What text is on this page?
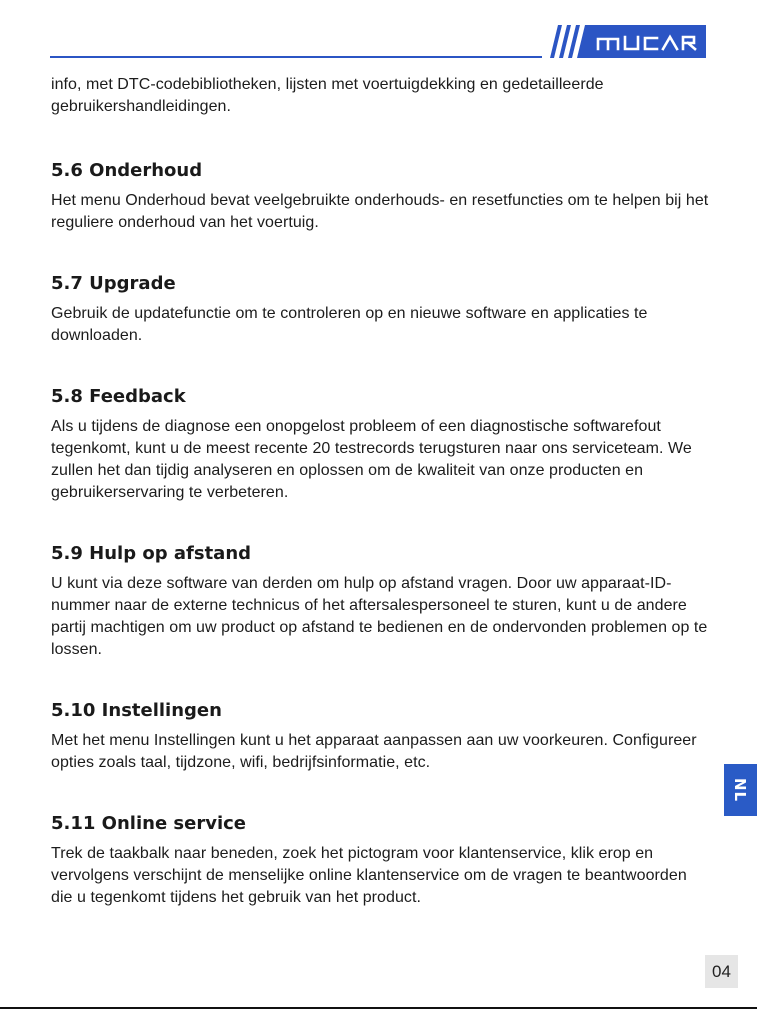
info, met DTC-codebibliotheken, lijsten met voertuigdekking en gedetailleerde gebruikershandleidingen.

5.6 Onderhoud

Het menu Onderhoud bevat veelgebruikte onderhouds- en resetfuncties om te helpen bij het reguliere onderhoud van het voertuig.

5.7 Upgrade

Gebruik de updatefunctie om te controleren op en nieuwe software en applicaties te downloaden.

5.8 Feedback

Als u tijdens de diagnose een onopgelost probleem of een diagnostische softwarefout tegenkomt, kunt u de meest recente 20 testrecords terugsturen naar ons serviceteam. We zullen het dan tijdig analyseren en oplossen om de kwaliteit van onze producten en gebruikerservaring te verbeteren.

5.9 Hulp op afstand

U kunt via deze software van derden om hulp op afstand vragen. Door uw apparaat-ID-nummer naar de externe technicus of het aftersalespersoneel te sturen, kunt u de andere partij machtigen om uw product op afstand te bedienen en de ondervonden problemen op te lossen.

5.10 Instellingen

Met het menu Instellingen kunt u het apparaat aanpassen aan uw voorkeuren. Configureer opties zoals taal, tijdzone, wifi, bedrijfsinformatie, etc.

5.11 Online service

Trek de taakbalk naar beneden, zoek het pictogram voor klantenservice, klik erop en vervolgens verschijnt de menselijke online klantenservice om de vragen te beantwoorden die u tegenkomt tijdens het gebruik van het product.

NL
04
